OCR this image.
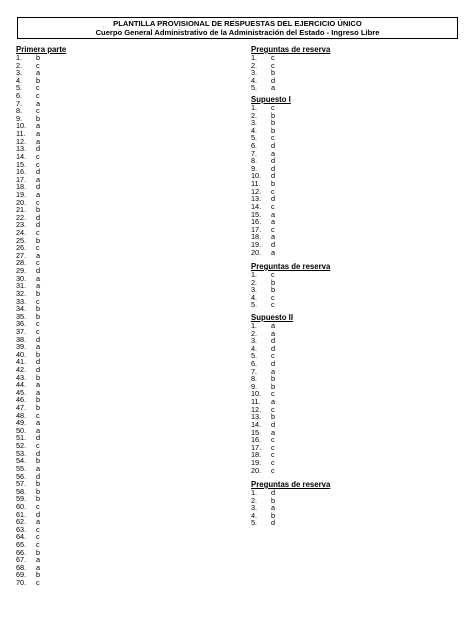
PLANTILLA PROVISIONAL DE RESPUESTAS DEL EJERCICIO ÚNICO
Cuerpo General Administrativo de la Administración del Estado - Ingreso Libre
Primera parte
1. b
2. c
3. a
4. b
5. c
6. c
7. a
8. c
9. b
10. a
11. a
12. a
13. d
14. c
15. c
16. d
17. a
18. d
19. a
20. c
21. b
22. d
23. d
24. c
25. b
26. c
27. a
28. c
29. d
30. a
31. a
32. b
33. c
34. b
35. b
36. c
37. c
38. d
39. a
40. b
41. d
42. d
43. b
44. a
45. a
46. b
47. b
48. c
49. a
50. a
51. d
52. c
53. d
54. b
55. a
56. d
57. b
58. b
59. b
60. c
61. d
62. a
63. c
64. c
65. c
66. b
67. a
68. a
69. b
70. c
Preguntas de reserva
1. c
2. c
3. b
4. d
5. a
Supuesto I
1. c
2. b
3. b
4. b
5. c
6. d
7. a
8. d
9. d
10. d
11. b
12. c
13. d
14. c
15. a
16. a
17. c
18. a
19. d
20. a
Preguntas de reserva
1. c
2. b
3. b
4. c
5. c
Supuesto II
1. a
2. a
3. d
4. d
5. c
6. d
7. a
8. b
9. b
10. c
11. a
12. c
13. b
14. d
15. a
16. c
17. c
18. c
19. c
20. c
Preguntas de reserva
1. d
2. b
3. a
4. b
5. d
